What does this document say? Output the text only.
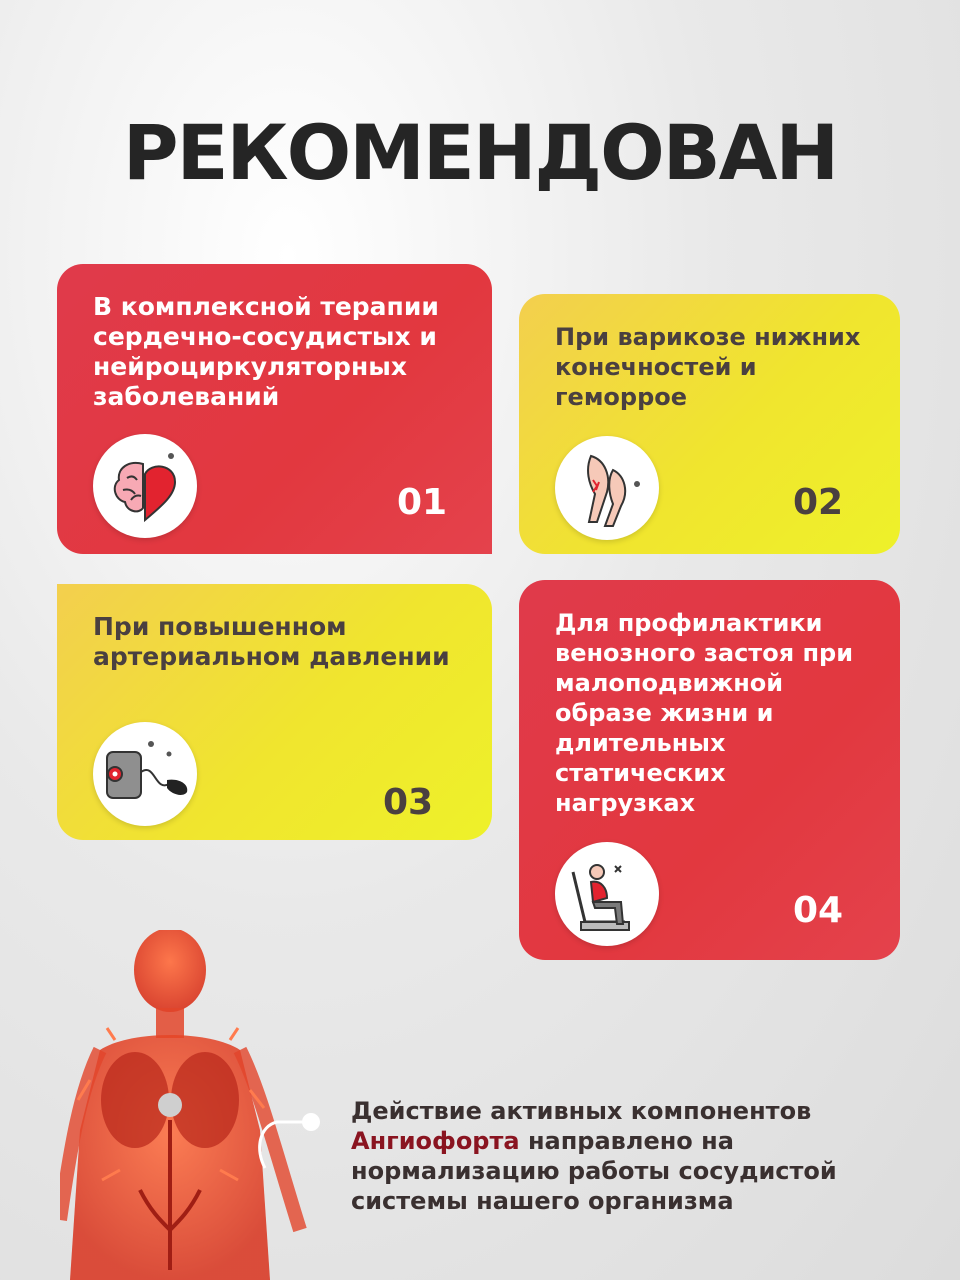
РЕКОМЕНДОВАН

В комплексной терапии сердечно-сосудистых и нейроциркуляторных заболеваний

01

При варикозе нижних конечностей и геморрое

02

При повышенном артериальном давлении

03

Для профилактики венозного застоя при малоподвижной образе жизни и длительных статических нагрузках

04

Действие активных компонентов
Ангиофорта направлено на нормализацию работы сосудистой системы нашего организма
